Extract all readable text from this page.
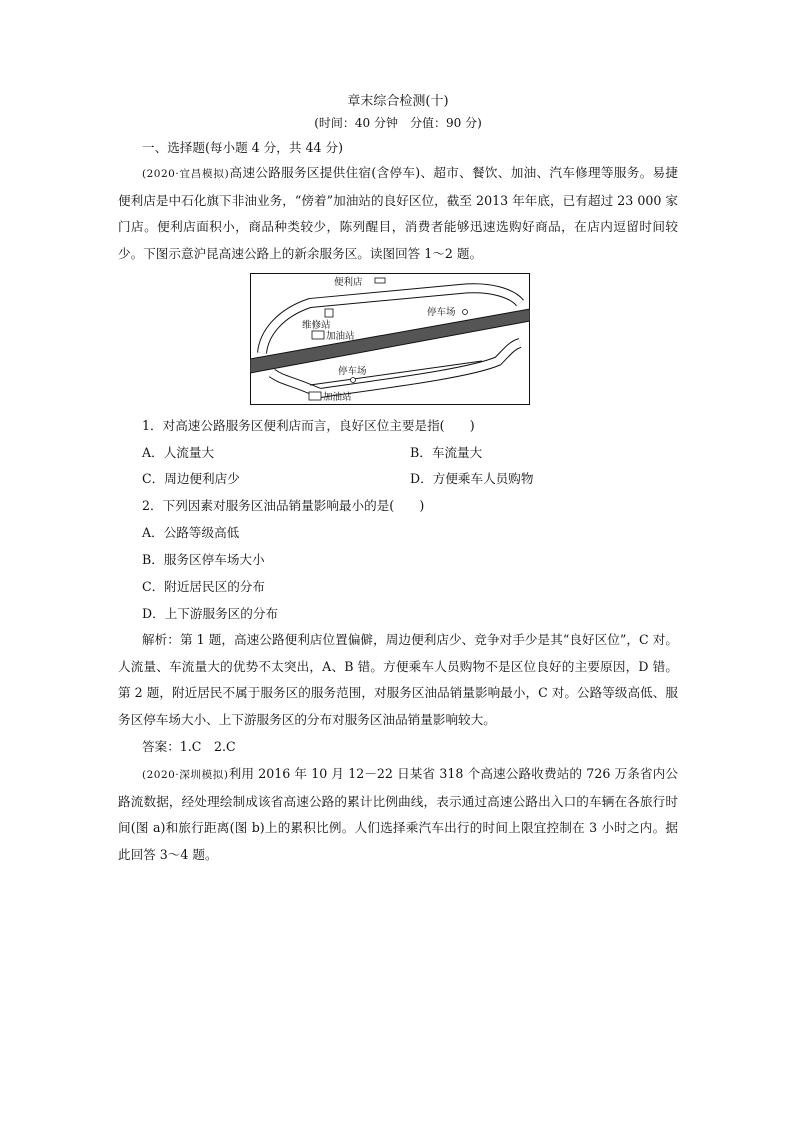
章末综合检测(十)

(时间：40 分钟　分值：90 分)

一、选择题(每小题 4 分，共 44 分)

(2020·宜昌模拟)高速公路服务区提供住宿(含停车)、超市、餐饮、加油、汽车修理等服务。易捷便利店是中石化旗下非油业务，“傍着”加油站的良好区位，截至 2013 年年底，已有超过 23 000 家门店。便利店面积小，商品种类较少，陈列醒目，消费者能够迅速选购好商品，在店内逗留时间较少。下图示意沪昆高速公路上的新余服务区。读图回答 1～2 题。

便利店
停车场
维修站
加油站
停车场
加油站
1．对高速公路服务区便利店而言，良好区位主要是指(　　)
A．人流量大	B．车流量大
C．周边便利店少	D．方便乘车人员购物
2．下列因素对服务区油品销量影响最小的是(　　)
A．公路等级高低
B．服务区停车场大小
C．附近居民区的分布
D．上下游服务区的分布

解析：第 1 题，高速公路便利店位置偏僻，周边便利店少、竞争对手少是其“良好区位”，C 对。人流量、车流量大的优势不太突出，A、B 错。方便乘车人员购物不是区位良好的主要原因，D 错。第 2 题，附近居民不属于服务区的服务范围，对服务区油品销量影响最小，C 对。公路等级高低、服务区停车场大小、上下游服务区的分布对服务区油品销量影响较大。

答案：1.C　2.C

(2020·深圳模拟)利用 2016 年 10 月 12－22 日某省 318 个高速公路收费站的 726 万条省内公路流数据，经处理绘制成该省高速公路的累计比例曲线，表示通过高速公路出入口的车辆在各旅行时间(图 a)和旅行距离(图 b)上的累积比例。人们选择乘汽车出行的时间上限宜控制在 3 小时之内。据此回答 3～4 题。
